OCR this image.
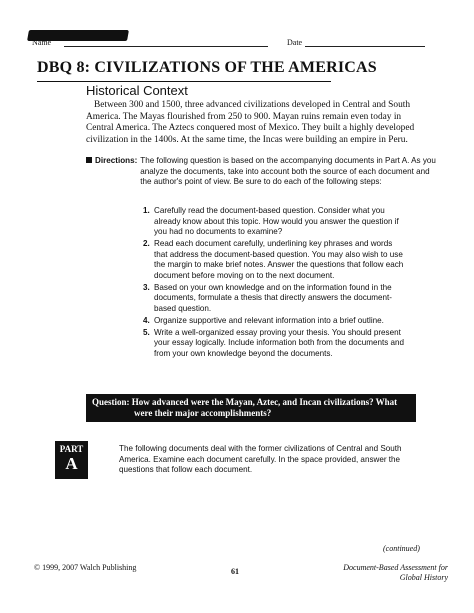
Name	Date
DBQ 8: CIVILIZATIONS OF THE AMERICAS
Historical Context
Between 300 and 1500, three advanced civilizations developed in Central and South America. The Mayas flourished from 250 to 900. Mayan ruins remain even today in Central America. The Aztecs conquered most of Mexico. They built a highly developed civilization in the 1400s. At the same time, the Incas were building an empire in Peru.
Directions: The following question is based on the accompanying documents in Part A. As you analyze the documents, take into account both the source of each document and the author's point of view. Be sure to do each of the following steps:
1. Carefully read the document-based question. Consider what you already know about this topic. How would you answer the question if you had no documents to examine?
2. Read each document carefully, underlining key phrases and words that address the document-based question. You may also wish to use the margin to make brief notes. Answer the questions that follow each document before moving on to the next document.
3. Based on your own knowledge and on the information found in the documents, formulate a thesis that directly answers the document-based question.
4. Organize supportive and relevant information into a brief outline.
5. Write a well-organized essay proving your thesis. You should present your essay logically. Include information both from the documents and from your own knowledge beyond the documents.
Question: How advanced were the Mayan, Aztec, and Incan civilizations? What
were their major accomplishments?
PART
A
The following documents deal with the former civilizations of Central and South America. Examine each document carefully. In the space provided, answer the questions that follow each document.
(continued)
© 1999, 2007 Walch Publishing	61	Document-Based Assessment for
Global History
